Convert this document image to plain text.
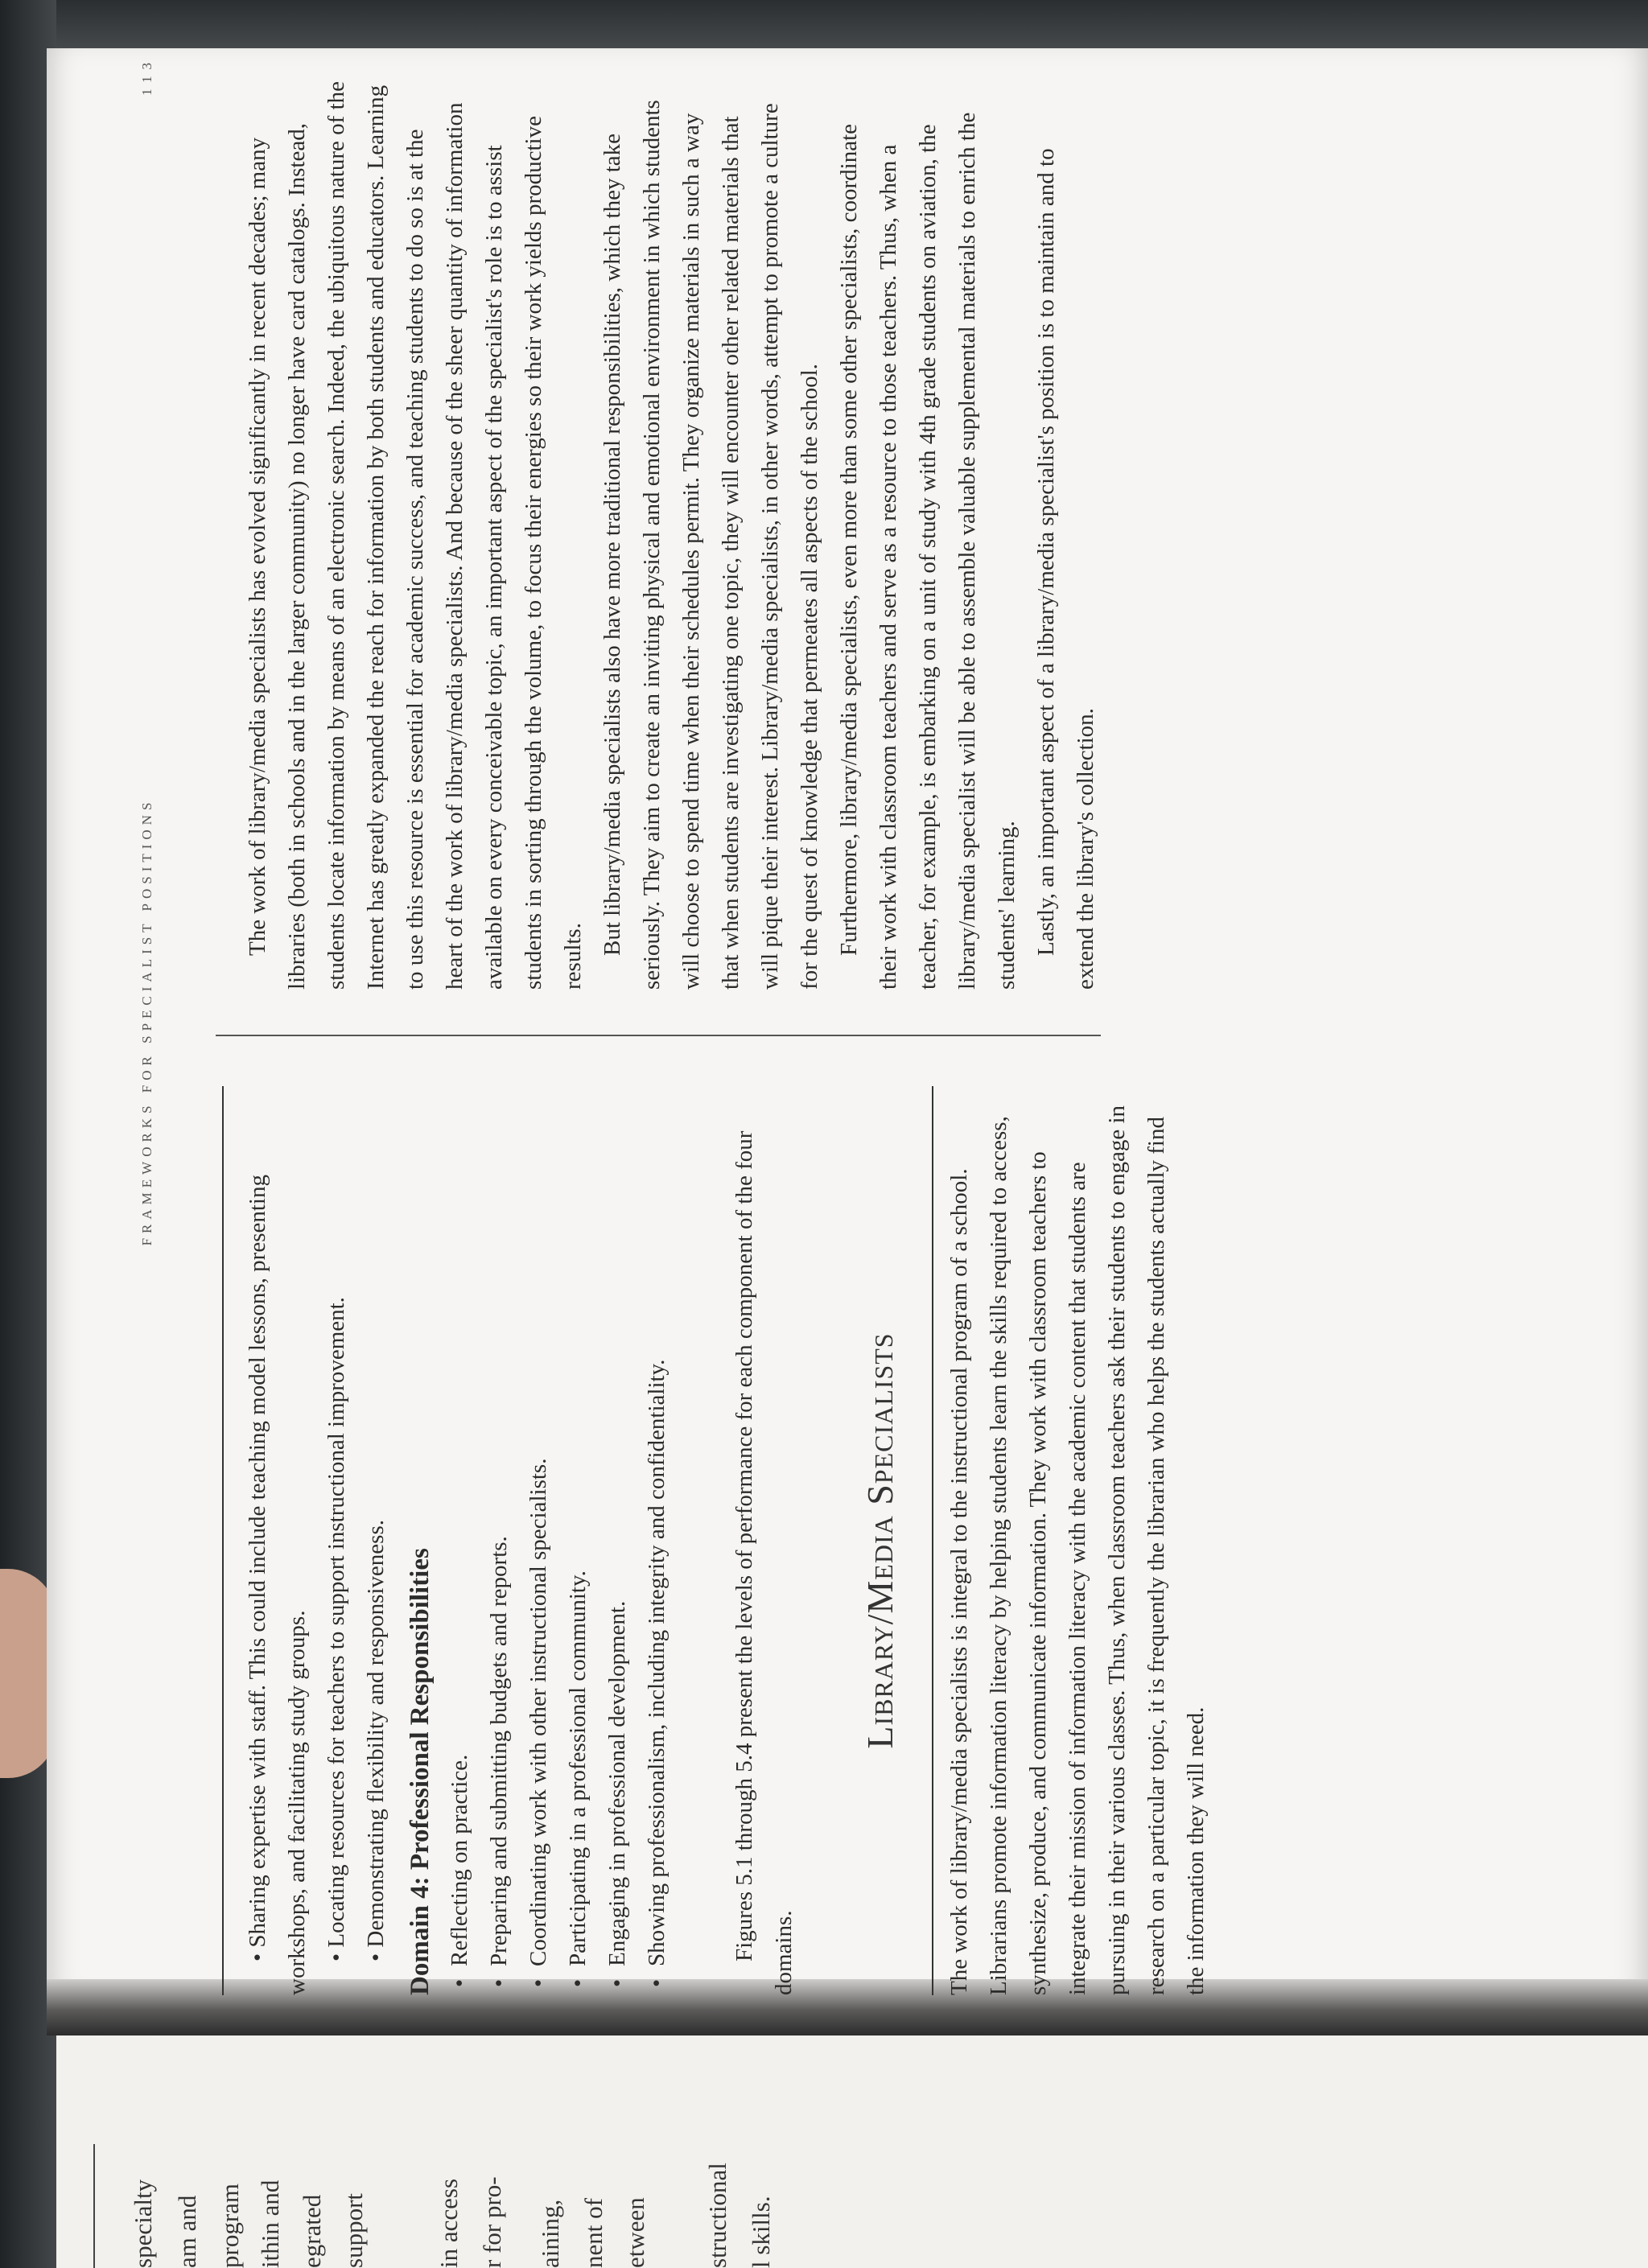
FRAMEWORKS FOR SPECIALIST POSITIONS
113

• Sharing expertise with staff. This could include teaching model lessons, presenting workshops, and facilitating study groups. • Locating resources for teachers to support instructional improvement.

• Demonstrating flexibility and responsiveness. Domain 4: Professional Responsibilities • Reflecting on practice. • Preparing and submitting budgets and reports. • Coordinating work with other instructional specialists. • Participating in a professional community. • Engaging in professional development. • Showing professionalism, including integrity and confidentiality.	Figures 5.1 through 5.4 present the levels of performance for each component of the four domains.

Library/Media Specialists The work of library/media specialists is integral to the instructional program of a school. Librarians promote information literacy by helping students learn the skills required to access, synthesize, produce, and communicate information. They work with classroom teachers to integrate their mission of information literacy with the academic content that students are pursuing in their various classes. Thus, when classroom teachers ask their students to engage in research on a particular topic, it is frequently the librarian who helps the students actually find the information they will need.

The work of library/media specialists has evolved significantly in recent decades; many libraries (both in schools and in the larger community) no longer have card catalogs. Instead, students locate information by means of an electronic search. Indeed, the ubiquitous nature of the Internet has greatly expanded the reach for information by both students and educators. Learning to use this resource is essential for academic success, and teaching students to do so is at the heart of the work of library/media specialists. And because of the sheer quantity of information available on every conceivable topic, an important aspect of the specialist's role is to assist students in sorting through the volume, to focus their energies so their work yields productive results.

But library/media specialists also have more traditional responsibilities, which they take seriously. They aim to create an inviting physical and emotional environment in which students will choose to spend time when their schedules permit. They organize materials in such a way that when students are investigating one topic, they will encounter other related materials that will pique their interest. Library/media specialists, in other words, attempt to promote a culture for the quest of knowledge that permeates all aspects of the school. Furthermore, library/media specialists, even more than some other specialists, coordinate their work with classroom teachers and serve as a resource to those teachers. Thus, when a teacher, for example, is embarking on a unit of study with 4th grade students on aviation, the library/media specialist will be able to assemble valuable supplemental materials to enrich the students' learning. Lastly, an important aspect of a library/media specialist's position is to maintain and to extend the library's collection.

specialty am and program ithin and egrated support	in access r for pro- aining, nent of etween structional l skills.
